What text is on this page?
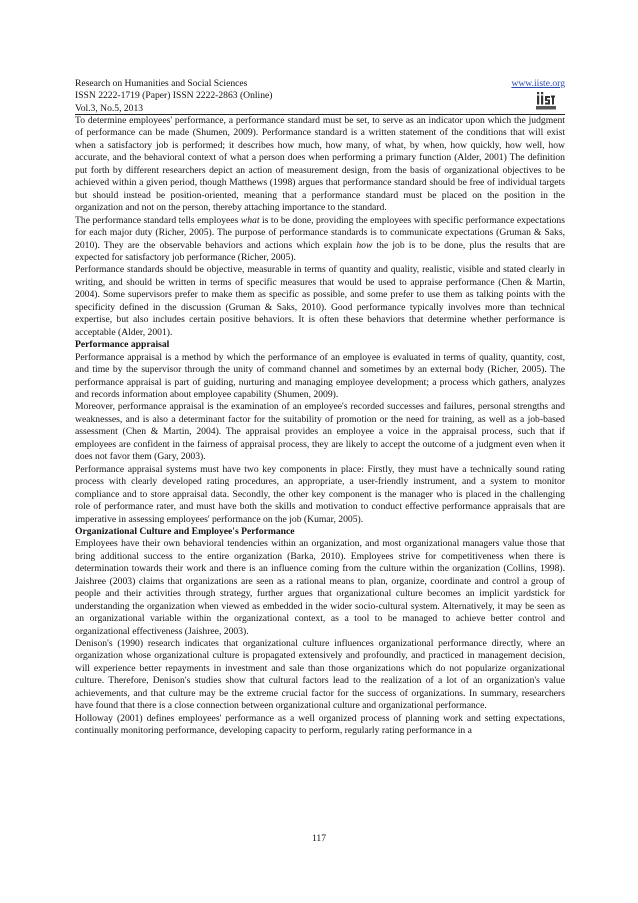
Research on Humanities and Social Sciences
ISSN 2222-1719 (Paper) ISSN 2222-2863 (Online)
Vol.3, No.5, 2013
www.iiste.org

To determine employees' performance, a performance standard must be set, to serve as an indicator upon which the judgment of performance can be made (Shumen, 2009). Performance standard is a written statement of the conditions that will exist when a satisfactory job is performed; it describes how much, how many, of what, by when, how quickly, how well, how accurate, and the behavioral context of what a person does when performing a primary function (Alder, 2001) The definition put forth by different researchers depict an action of measurement design, from the basis of organizational objectives to be achieved within a given period, though Matthews (1998) argues that performance standard should be free of individual targets but should instead be position-oriented, meaning that a performance standard must be placed on the position in the organization and not on the person, thereby attaching importance to the standard.

The performance standard tells employees what is to be done, providing the employees with specific performance expectations for each major duty (Richer, 2005). The purpose of performance standards is to communicate expectations (Gruman & Saks, 2010). They are the observable behaviors and actions which explain how the job is to be done, plus the results that are expected for satisfactory job performance (Richer, 2005).

Performance standards should be objective, measurable in terms of quantity and quality, realistic, visible and stated clearly in writing, and should be written in terms of specific measures that would be used to appraise performance (Chen & Martin, 2004). Some supervisors prefer to make them as specific as possible, and some prefer to use them as talking points with the specificity defined in the discussion (Gruman & Saks, 2010). Good performance typically involves more than technical expertise, but also includes certain positive behaviors. It is often these behaviors that determine whether performance is acceptable (Alder, 2001).

Performance appraisal

Performance appraisal is a method by which the performance of an employee is evaluated in terms of quality, quantity, cost, and time by the supervisor through the unity of command channel and sometimes by an external body (Richer, 2005). The performance appraisal is part of guiding, nurturing and managing employee development; a process which gathers, analyzes and records information about employee capability (Shumen, 2009).

Moreover, performance appraisal is the examination of an employee's recorded successes and failures, personal strengths and weaknesses, and is also a determinant factor for the suitability of promotion or the need for training, as well as a job-based assessment (Chen & Martin, 2004). The appraisal provides an employee a voice in the appraisal process, such that if employees are confident in the fairness of appraisal process, they are likely to accept the outcome of a judgment even when it does not favor them (Gary, 2003).

Performance appraisal systems must have two key components in place: Firstly, they must have a technically sound rating process with clearly developed rating procedures, an appropriate, a user-friendly instrument, and a system to monitor compliance and to store appraisal data. Secondly, the other key component is the manager who is placed in the challenging role of performance rater, and must have both the skills and motivation to conduct effective performance appraisals that are imperative in assessing employees' performance on the job (Kumar, 2005).

Organizational Culture and Employee's Performance

Employees have their own behavioral tendencies within an organization, and most organizational managers value those that bring additional success to the entire organization (Barka, 2010). Employees strive for competitiveness when there is determination towards their work and there is an influence coming from the culture within the organization (Collins, 1998). Jaishree (2003) claims that organizations are seen as a rational means to plan, organize, coordinate and control a group of people and their activities through strategy, further argues that organizational culture becomes an implicit yardstick for understanding the organization when viewed as embedded in the wider socio-cultural system. Alternatively, it may be seen as an organizational variable within the organizational context, as a tool to be managed to achieve better control and organizational effectiveness (Jaishree, 2003).

Denison's (1990) research indicates that organizational culture influences organizational performance directly, where an organization whose organizational culture is propagated extensively and profoundly, and practiced in management decision, will experience better repayments in investment and sale than those organizations which do not popularize organizational culture. Therefore, Denison's studies show that cultural factors lead to the realization of a lot of an organization's value achievements, and that culture may be the extreme crucial factor for the success of organizations. In summary, researchers have found that there is a close connection between organizational culture and organizational performance.

Holloway (2001) defines employees' performance as a well organized process of planning work and setting expectations, continually monitoring performance, developing capacity to perform, regularly rating performance in a

117
